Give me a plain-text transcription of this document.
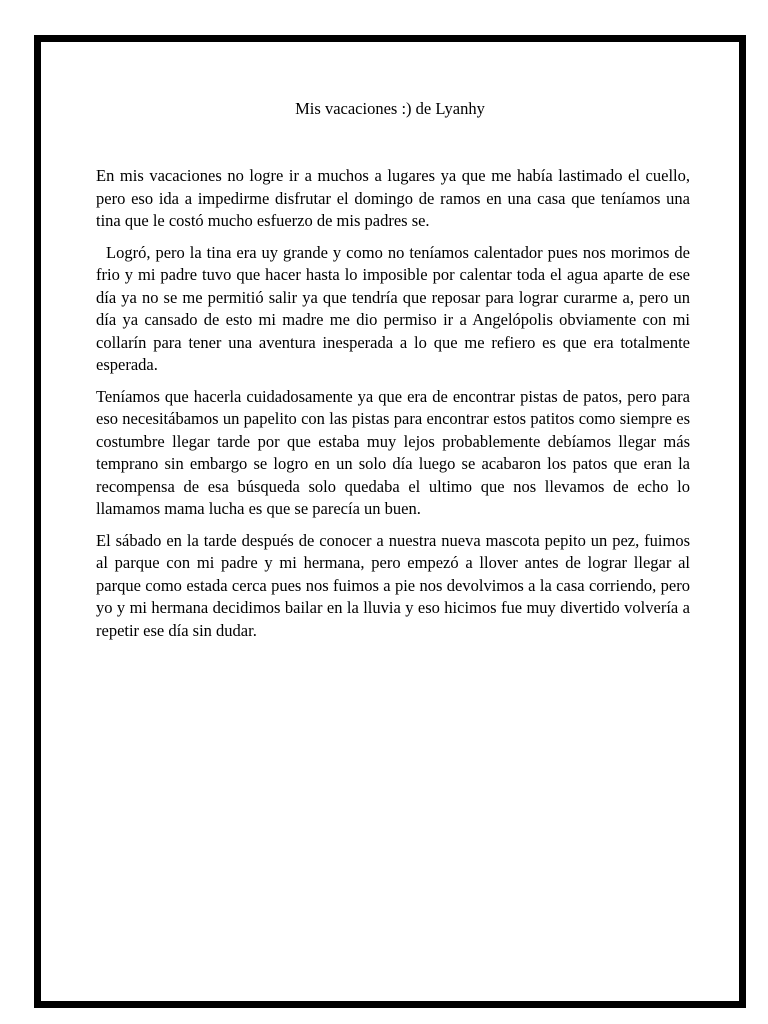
Mis vacaciones :) de Lyanhy

En mis vacaciones no logre ir a muchos a lugares ya que me había lastimado el cuello, pero eso ida a impedirme disfrutar el domingo de ramos en una casa que teníamos una tina que le costó mucho esfuerzo de mis padres se.

Logró, pero la tina era uy grande y como no teníamos calentador pues nos morimos de frio y mi padre tuvo que hacer hasta lo imposible por calentar toda el agua aparte de ese día ya no se me permitió salir ya que tendría que reposar para lograr curarme a, pero un día ya cansado de esto mi madre me dio permiso ir a Angelópolis obviamente con mi collarín para tener una aventura inesperada a lo que me refiero es que era totalmente esperada.

Teníamos que hacerla cuidadosamente ya que era de encontrar pistas de patos, pero para eso necesitábamos un papelito con las pistas para encontrar estos patitos como siempre es costumbre llegar tarde por que estaba muy lejos probablemente debíamos llegar más temprano sin embargo se logro en un solo día luego se acabaron los patos que eran la recompensa de esa búsqueda solo quedaba el ultimo que nos llevamos de echo lo llamamos mama lucha es que se parecía un buen.

El sábado en la tarde después de conocer a nuestra nueva mascota pepito un pez, fuimos al parque con mi padre y mi hermana, pero empezó a llover antes de lograr llegar al parque como estada cerca pues nos fuimos a pie nos devolvimos a la casa corriendo, pero yo y mi hermana decidimos bailar en la lluvia y eso hicimos fue muy divertido volvería a repetir ese día sin dudar.
